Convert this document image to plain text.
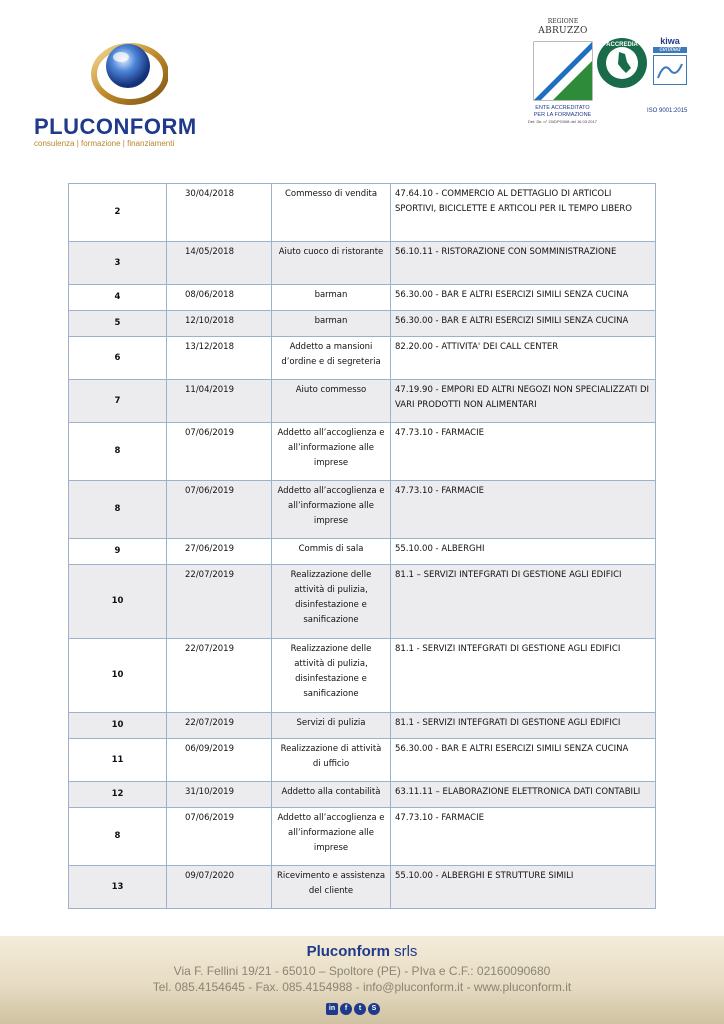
PLUCONFORM
consulenza | formazione | finanziamenti
REGIONE
ABRUZZO
ENTE ACCREDITATO
PER LA FORMAZIONE
Det. Dir. n° 20/DPG008 del 16.03.2017
ACCREDIA	kiwa
certified
ISO 9001:2015
2	30/04/2018	Commesso di vendita	47.64.10 - COMMERCIO AL DETTAGLIO DI ARTICOLI SPORTIVI, BICICLETTE E ARTICOLI PER IL TEMPO LIBERO
3	14/05/2018	Aiuto cuoco di ristorante	56.10.11 - RISTORAZIONE CON SOMMINISTRAZIONE
4	08/06/2018	barman	56.30.00 - BAR E ALTRI ESERCIZI SIMILI SENZA CUCINA
5	12/10/2018	barman	56.30.00 - BAR E ALTRI ESERCIZI SIMILI SENZA CUCINA
6	13/12/2018	Addetto a mansioni d’ordine e di segreteria	82.20.00 - ATTIVITA' DEI CALL CENTER
7	11/04/2019	Aiuto commesso	47.19.90 - EMPORI ED ALTRI NEGOZI NON SPECIALIZZATI DI VARI PRODOTTI NON ALIMENTARI
8	07/06/2019	Addetto all’accoglienza e all’informazione alle imprese	47.73.10 - FARMACIE
8	07/06/2019	Addetto all’accoglienza e all’informazione alle imprese	47.73.10 - FARMACIE
9	27/06/2019	Commis di sala	55.10.00 - ALBERGHI
10	22/07/2019	Realizzazione delle attività di pulizia, disinfestazione e sanificazione	81.1 – SERVIZI INTEFGRATI DI GESTIONE AGLI EDIFICI
10	22/07/2019	Realizzazione delle attività di pulizia, disinfestazione e sanificazione	81.1 - SERVIZI INTEFGRATI DI GESTIONE AGLI EDIFICI
10	22/07/2019	Servizi di pulizia	81.1 - SERVIZI INTEFGRATI DI GESTIONE AGLI EDIFICI
11	06/09/2019	Realizzazione di attività di ufficio	56.30.00 - BAR E ALTRI ESERCIZI SIMILI SENZA CUCINA
12	31/10/2019	Addetto alla contabilità	63.11.11 – ELABORAZIONE ELETTRONICA DATI CONTABILI
8	07/06/2019	Addetto all’accoglienza e all’informazione alle imprese	47.73.10 - FARMACIE
13	09/07/2020	Ricevimento e assistenza del cliente	55.10.00 - ALBERGHI E STRUTTURE SIMILI
Pluconform srls
Via F. Fellini 19/21 - 65010 – Spoltore (PE) - PIva e C.F.: 02160090680
Tel. 085.4154645 - Fax. 085.4154988 - info@pluconform.it - www.pluconform.it
in	f	t	S
